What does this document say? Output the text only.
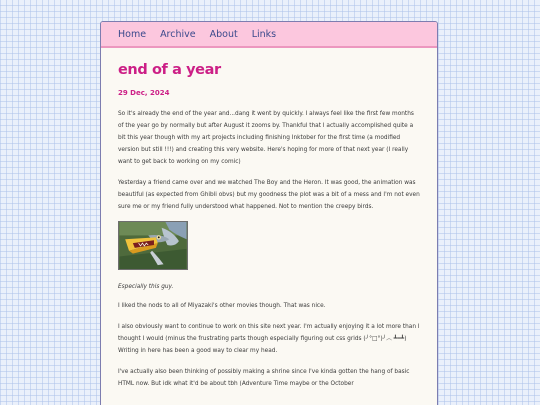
Home Archive About Links
end of a year
29 Dec, 2024

So it's already the end of the year and...dang it went by quickly. I always feel like the first few months of the year go by normally but after August it zooms by. Thankful that I actually accomplished quite a bit this year though with my art projects including finishing Inktober for the first time (a modified version but still !!!) and creating this very website. Here's hoping for more of that next year (I really want to get back to working on my comic)

Yesterday a friend came over and we watched The Boy and the Heron. It was good, the animation was beautiful (as expected from Ghibli obvs) but my goodness the plot was a bit of a mess and I'm not even sure me or my friend fully understood what happened. Not to mention the creepy birds.

Especially this guy.

I liked the nods to all of Miyazaki's other movies though. That was nice.

I also obviously want to continue to work on this site next year. I'm actually enjoying it a lot more than I thought I would (minus the frustrating parts though especially figuring out css grids (╯°□°)╯︵ ┻━┻) Writing in here has been a good way to clear my head.

I've actually also been thinking of possibly making a shrine since I've kinda gotten the hang of basic HTML now. But idk what it'd be about tbh (Adventure Time maybe or the October
